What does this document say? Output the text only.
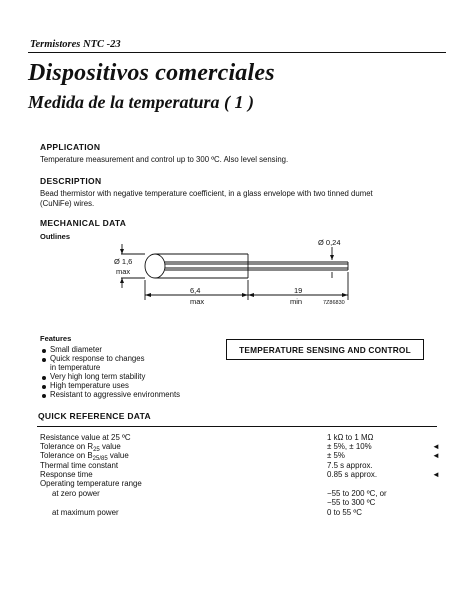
Termistores NTC -23
Dispositivos comerciales
Medida de la temperatura ( 1 )
APPLICATION
Temperature measurement and control up to 300 ºC. Also level sensing.
DESCRIPTION
Bead thermistor with negative temperature coefficient, in a glass envelope with two tinned dumet
(CuNiFe) wires.
MECHANICAL DATA
Outlines
Ø 0,24
Ø 1,6
max
6,4
max
19
min	7Z86830
Features
Small diameter
Quick response to changes
in temperature
Very high long term stability
High temperature uses
Resistant to aggressive environments
TEMPERATURE SENSING AND CONTROL
QUICK REFERENCE DATA
Resistance value at 25 ºC	1 kΩ to 1 MΩ
Tolerance on $R_{25}$ value	± 5%, ± 10%	◄
Tolerance on $B_{25/85}$ value	± 5%	◄
Thermal time constant	7.5 s approx.
Response time	0.85 s approx.	◄
Operating temperature range
at zero power	−55 to 200 ºC, or
−55 to 300 ºC
at maximum power	0 to 55 ºC
